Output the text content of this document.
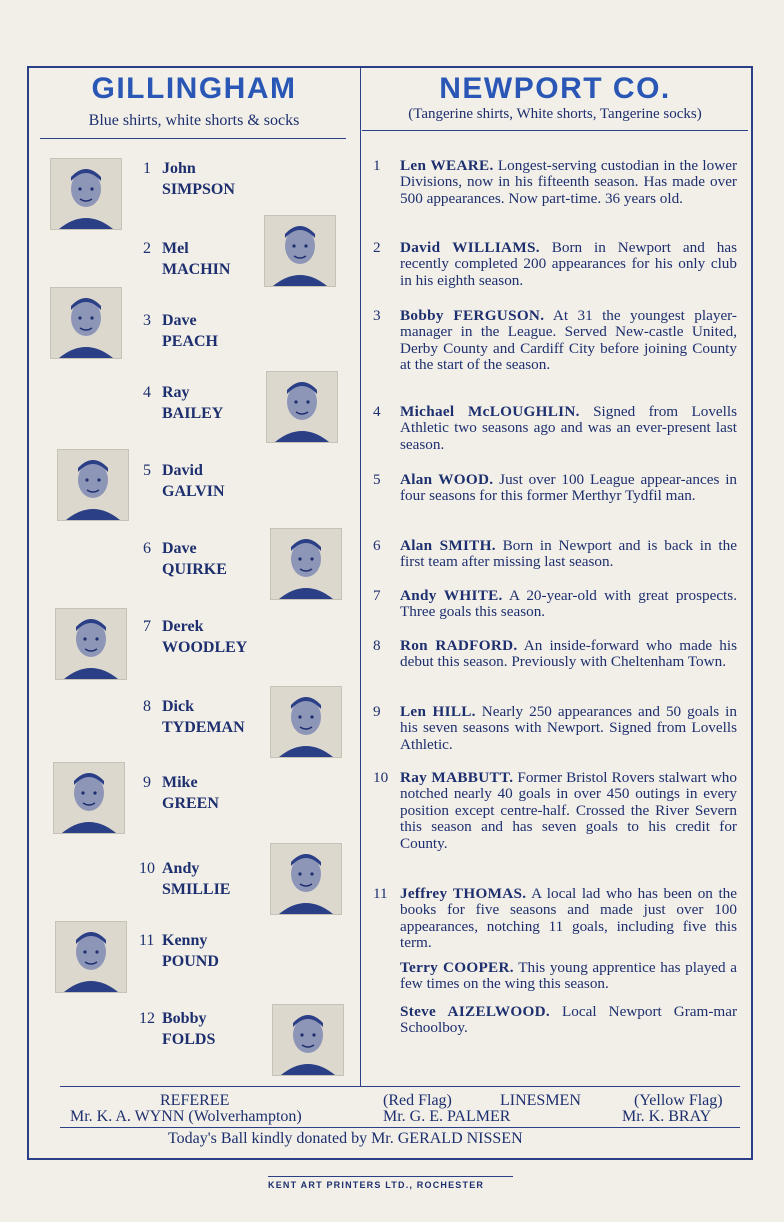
GILLINGHAM
Blue shirts, white shorts & socks
NEWPORT CO.
(Tangerine shirts, White shorts, Tangerine socks)
1 John
SIMPSON
2 Mel
MACHIN
3 Dave
PEACH
4 Ray
BAILEY
5 David
GALVIN
6 Dave
QUIRKE
7 Derek
WOODLEY
8 Dick
TYDEMAN
9 Mike
GREEN
10 Andy
SMILLIE
11 Kenny
POUND
12 Bobby
FOLDS
1 Len WEARE. Longest-serving custodian in the lower Divisions, now in his fifteenth season. Has made over 500 appearances. Now part-time. 36 years old.
2 David WILLIAMS. Born in Newport and has recently completed 200 appearances for his only club in his eighth season.
3 Bobby FERGUSON. At 31 the youngest player-manager in the League. Served New-castle United, Derby County and Cardiff City before joining County at the start of the season.
4 Michael McLOUGHLIN. Signed from Lovells Athletic two seasons ago and was an ever-present last season.
5 Alan WOOD. Just over 100 League appear-ances in four seasons for this former Merthyr Tydfil man.
6 Alan SMITH. Born in Newport and is back in the first team after missing last season.
7 Andy WHITE. A 20-year-old with great prospects. Three goals this season.
8 Ron RADFORD. An inside-forward who made his debut this season. Previously with Cheltenham Town.
9 Len HILL. Nearly 250 appearances and 50 goals in his seven seasons with Newport. Signed from Lovells Athletic.
10 Ray MABBUTT. Former Bristol Rovers stalwart who notched nearly 40 goals in over 450 outings in every position except centre-half. Crossed the River Severn this season and has seven goals to his credit for County.
11 Jeffrey THOMAS. A local lad who has been on the books for five seasons and made just over 100 appearances, notching 11 goals, including five this term.
Terry COOPER. This young apprentice has played a few times on the wing this season.
Steve AIZELWOOD. Local Newport Gram-mar Schoolboy.
REFEREE	(Red Flag)	LINESMEN	(Yellow Flag)
Mr. K. A. WYNN (Wolverhampton)	Mr. G. E. PALMER	Mr. K. BRAY
Today's Ball kindly donated by Mr. GERALD NISSEN
KENT ART PRINTERS LTD., ROCHESTER
